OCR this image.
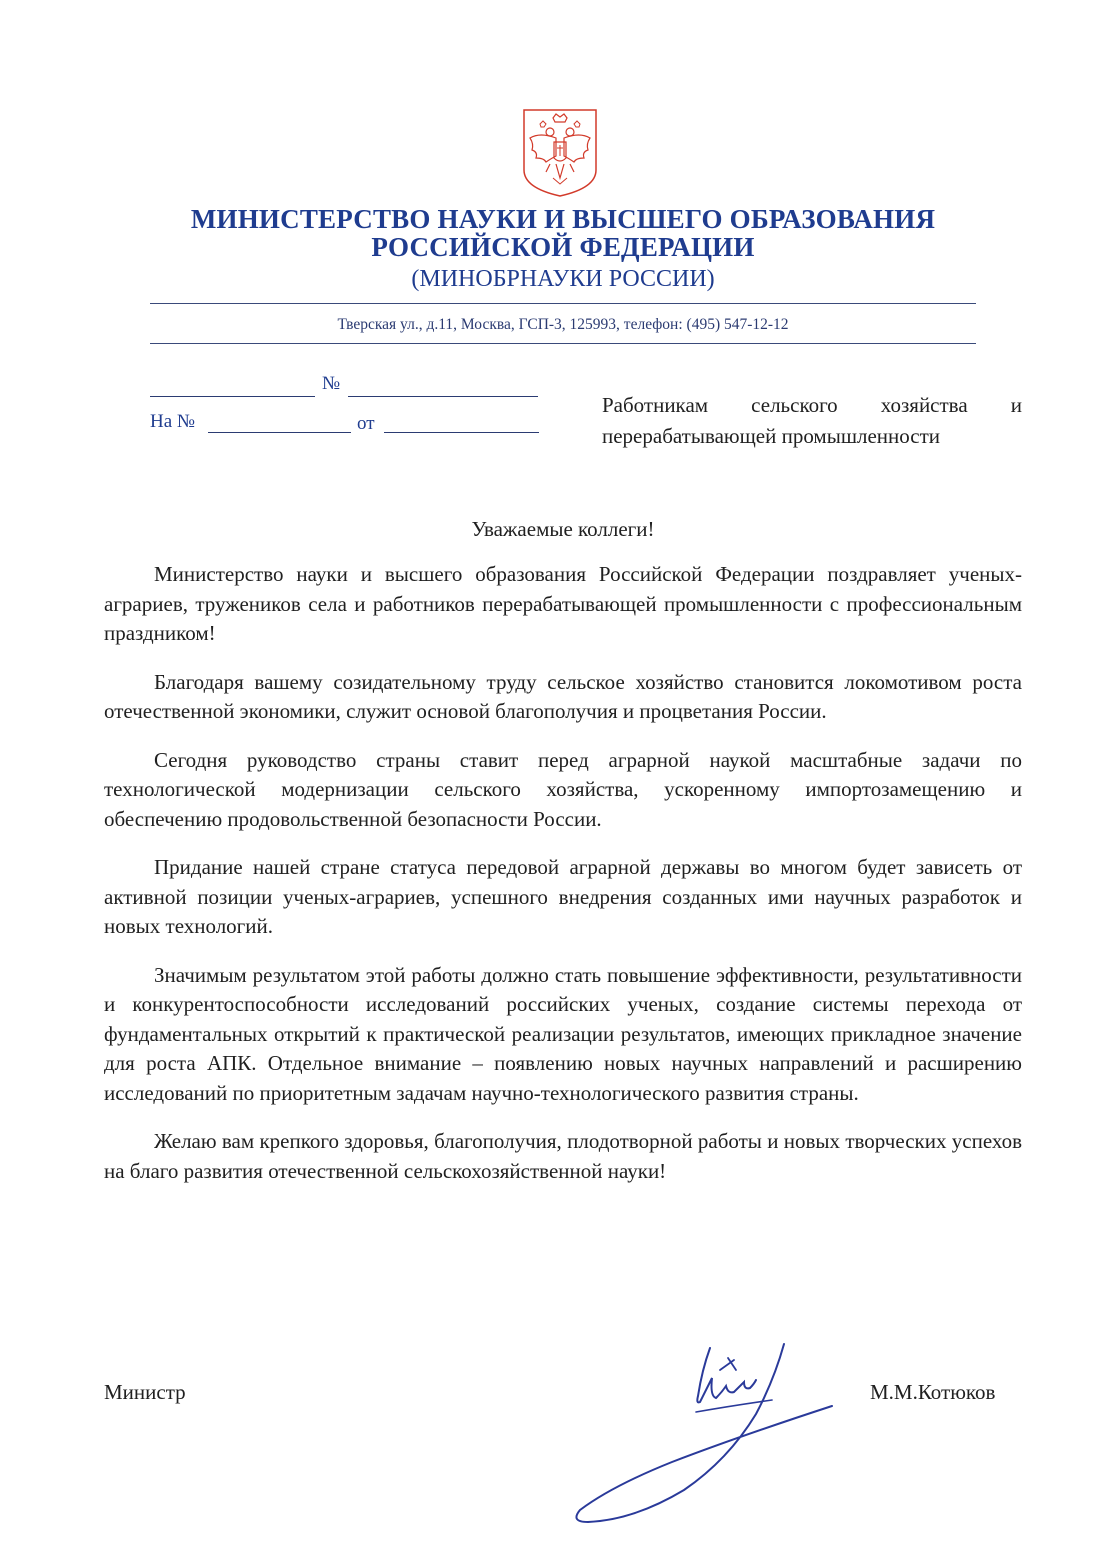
МИНИСТЕРСТВО НАУКИ И ВЫСШЕГО ОБРАЗОВАНИЯ
РОССИЙСКОЙ ФЕДЕРАЦИИ
(МИНОБРНАУКИ РОССИИ)
Тверская ул., д.11, Москва, ГСП-3, 125993, телефон: (495) 547-12-12
№
На №	от
Работникам сельского хозяйства и
перерабатывающей промышленности
Уважаемые коллеги!

Министерство науки и высшего образования Российской Федерации поздравляет ученых-аграриев, тружеников села и работников перерабатывающей промышленности с профессиональным праздником!

Благодаря вашему созидательному труду сельское хозяйство становится локомотивом роста отечественной экономики, служит основой благополучия и процветания России.

Сегодня руководство страны ставит перед аграрной наукой масштабные задачи по технологической модернизации сельского хозяйства, ускоренному импортозамещению и обеспечению продовольственной безопасности России.

Придание нашей стране статуса передовой аграрной державы во многом будет зависеть от активной позиции ученых-аграриев, успешного внедрения созданных ими научных разработок и новых технологий.

Значимым результатом этой работы должно стать повышение эффективности, результативности и конкурентоспособности исследований российских ученых, создание системы перехода от фундаментальных открытий к практической реализации результатов, имеющих прикладное значение для роста АПК. Отдельное внимание – появлению новых научных направлений и расширению исследований по приоритетным задачам научно-технологического развития страны.

Желаю вам крепкого здоровья, благополучия, плодотворной работы и новых творческих успехов на благо развития отечественной сельскохозяйственной науки!

Министр	М.М.Котюков
